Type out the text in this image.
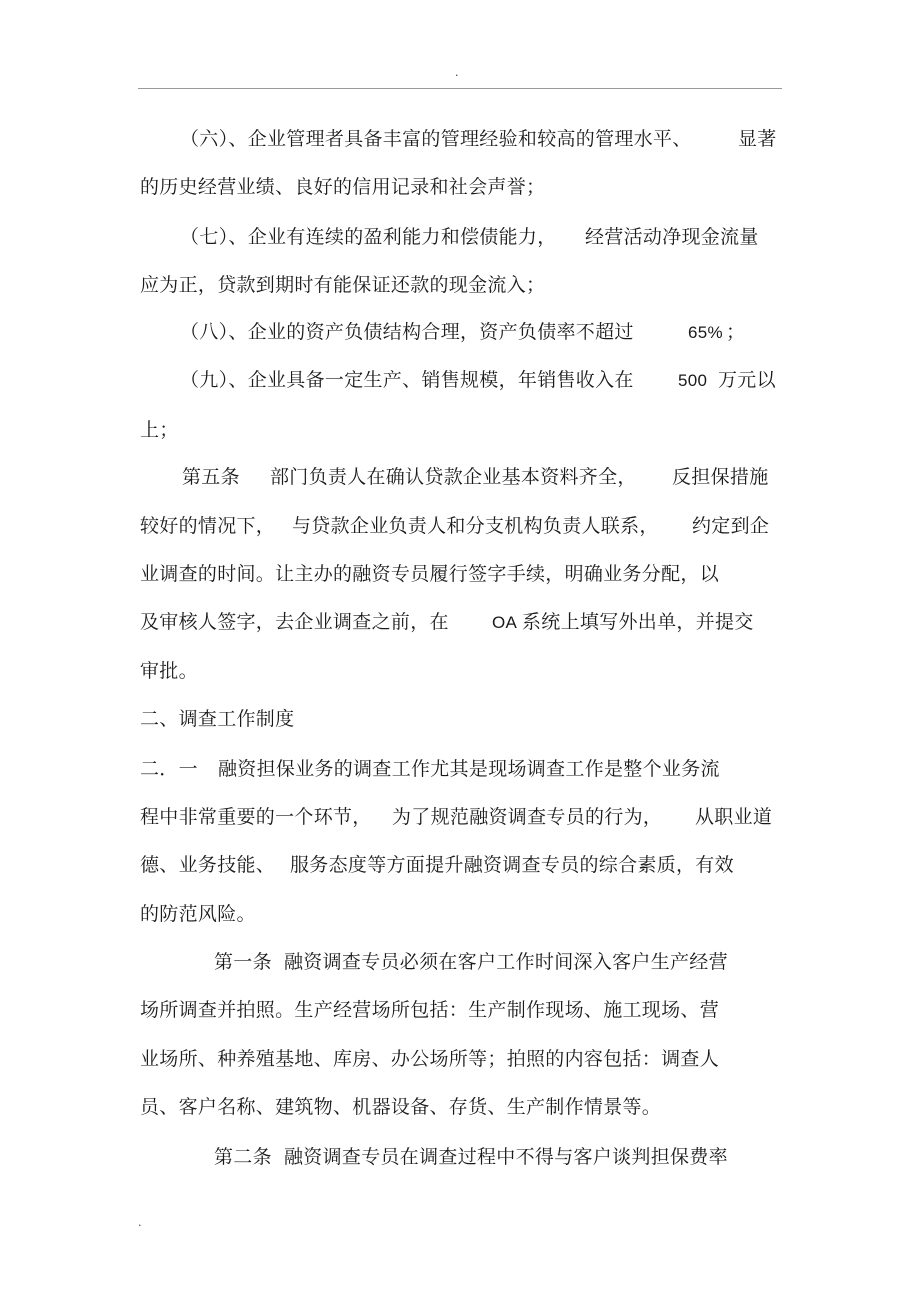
.
（六）、企业管理者具备丰富的管理经验和较高的管理水平、 显著
的历史经营业绩、良好的信用记录和社会声誉；
（七）、企业有连续的盈利能力和偿债能力， 经营活动净现金流量
应为正，贷款到期时有能保证还款的现金流入；
（八）、企业的资产负债结构合理，资产负债率不超过	65% ；
（九）、企业具备一定生产、销售规模，年销售收入在	500 万元以
上；
第五条 部门负责人在确认贷款企业基本资料齐全， 反担保措施
较好的情况下， 与贷款企业负责人和分支机构负责人联系， 约定到企
业调查的时间。让主办的融资专员履行签字手续，明确业务分配，以
及审核人签字，去企业调查之前，在	OA 系统上填写外出单，并提交
审批。
二、调查工作制度
二．一 融资担保业务的调查工作尤其是现场调查工作是整个业务流
程中非常重要的一个环节， 为了规范融资调查专员的行为， 从职业道
德、业务技能、 服务态度等方面提升融资调查专员的综合素质，有效
的防范风险。
第一条 融资调查专员必须在客户工作时间深入客户生产经营
场所调查并拍照。生产经营场所包括：生产制作现场、施工现场、营
业场所、种养殖基地、库房、办公场所等；拍照的内容包括：调查人
员、客户名称、建筑物、机器设备、存货、生产制作情景等。
第二条 融资调查专员在调查过程中不得与客户谈判担保费率
.
